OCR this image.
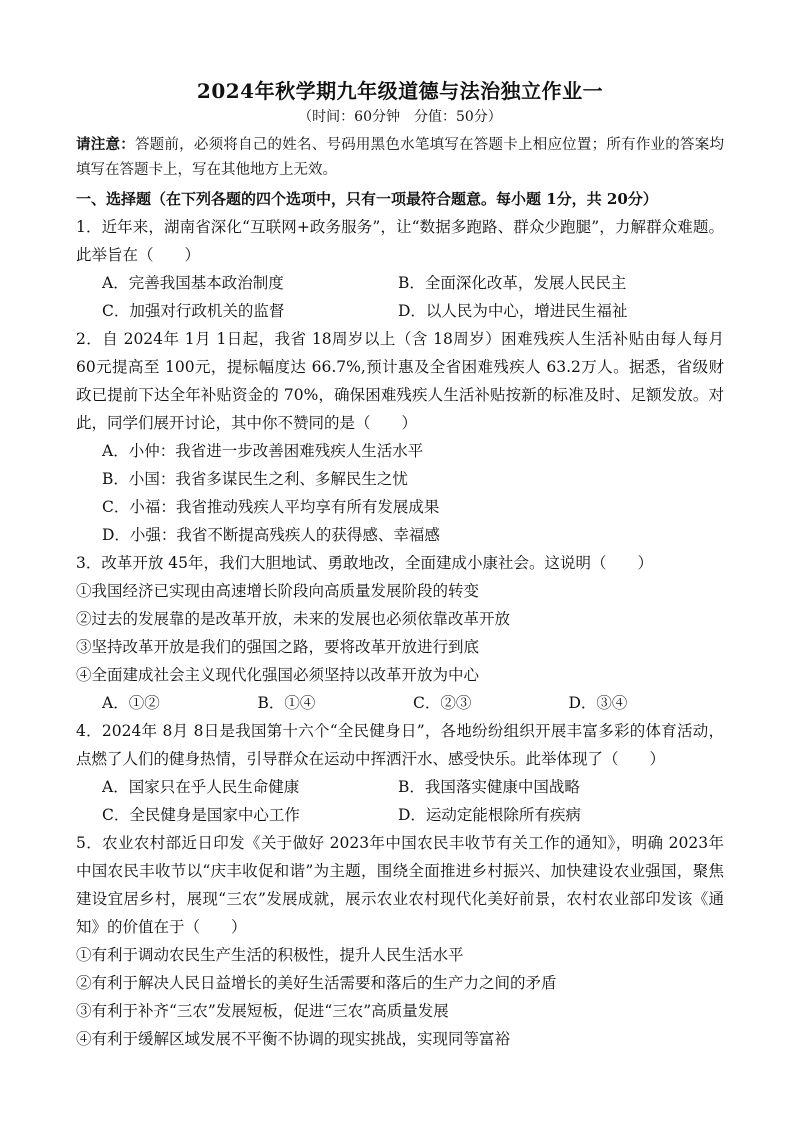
2024年秋学期九年级道德与法治独立作业一
（时间：60分钟　分值：50分）
请注意：答题前，必须将自己的姓名、号码用黑色水笔填写在答题卡上相应位置；所有作业的答案均填写在答题卡上，写在其他地方上无效。
一、选择题（在下列各题的四个选项中，只有一项最符合题意。每小题 1分，共 20分）
1．近年来，湖南省深化“互联网+政务服务”，让“数据多跑路、群众少跑腿”，力解群众难题。此举旨在（　　）
A．完善我国基本政治制度	B．全面深化改革，发展人民民主
C．加强对行政机关的监督	D．以人民为中心，增进民生福祉
2．自 2024年 1月 1日起，我省 18周岁以上（含 18周岁）困难残疾人生活补贴由每人每月 60元提高至 100元，提标幅度达 66.7%,预计惠及全省困难残疾人 63.2万人。据悉，省级财政已提前下达全年补贴资金的 70%，确保困难残疾人生活补贴按新的标准及时、足额发放。对此，同学们展开讨论，其中你不赞同的是（　　）
A．小仲：我省进一步改善困难残疾人生活水平
B．小国：我省多谋民生之利、多解民生之忧
C．小福：我省推动残疾人平均享有所有发展成果
D．小强：我省不断提高残疾人的获得感、幸福感
3．改革开放 45年，我们大胆地试、勇敢地改，全面建成小康社会。这说明（　　）
①我国经济已实现由高速增长阶段向高质量发展阶段的转变
②过去的发展靠的是改革开放，未来的发展也必须依靠改革开放
③坚持改革开放是我们的强国之路，要将改革开放进行到底
④全面建成社会主义现代化强国必须坚持以改革开放为中心
A．①②	B．①④	C．②③	D．③④
4．2024年 8月 8日是我国第十六个“全民健身日”，各地纷纷组织开展丰富多彩的体育活动，点燃了人们的健身热情，引导群众在运动中挥洒汗水、感受快乐。此举体现了（　　）
A．国家只在乎人民生命健康	B．我国落实健康中国战略
C．全民健身是国家中心工作	D．运动定能根除所有疾病
5．农业农村部近日印发《关于做好 2023年中国农民丰收节有关工作的通知》，明确 2023年中国农民丰收节以“庆丰收促和谐”为主题，围绕全面推进乡村振兴、加快建设农业强国，聚焦建设宜居乡村，展现“三农”发展成就，展示农业农村现代化美好前景，农村农业部印发该《通知》的价值在于（　　）
①有利于调动农民生产生活的积极性，提升人民生活水平
②有利于解决人民日益增长的美好生活需要和落后的生产力之间的矛盾
③有利于补齐“三农”发展短板，促进“三农”高质量发展
④有利于缓解区域发展不平衡不协调的现实挑战，实现同等富裕
